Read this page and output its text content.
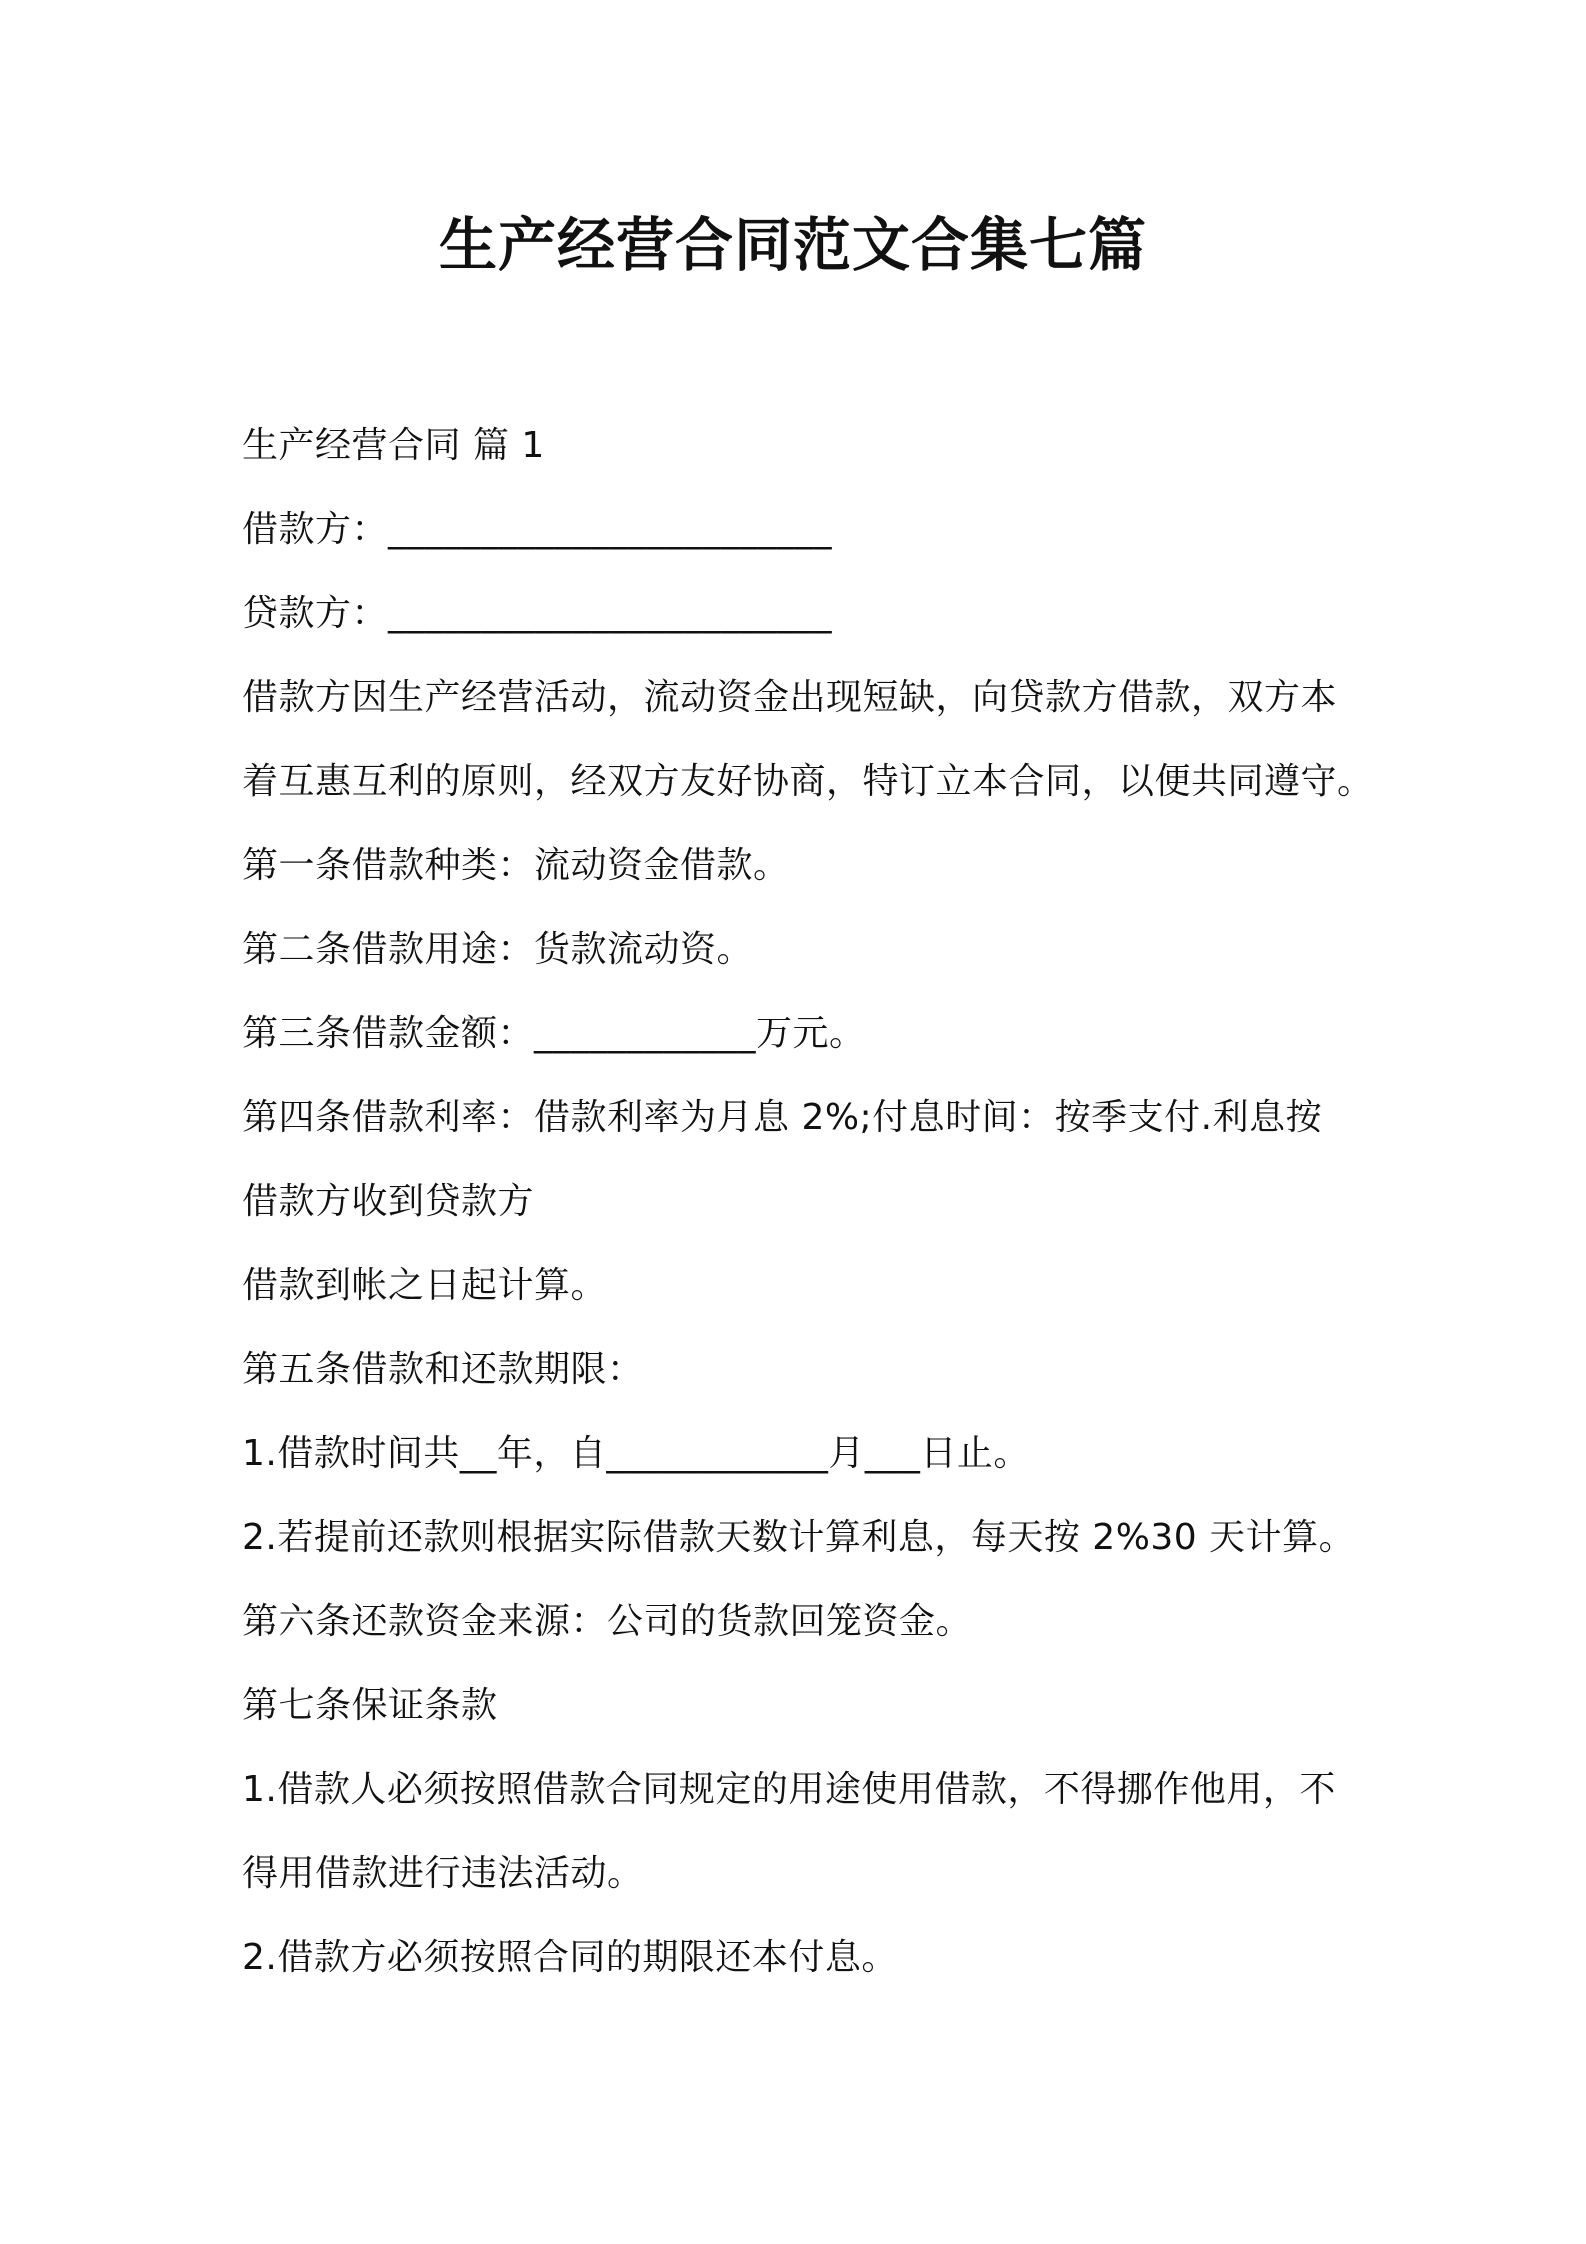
生产经营合同范文合集七篇
生产经营合同 篇 1
借款方：________________________
贷款方：________________________
借款方因生产经营活动，流动资金出现短缺，向贷款方借款，双方本
着互惠互利的原则，经双方友好协商，特订立本合同，以便共同遵守。
第一条借款种类：流动资金借款。
第二条借款用途：货款流动资。
第三条借款金额：____________万元。
第四条借款利率：借款利率为月息 2%;付息时间：按季支付.利息按
借款方收到贷款方
借款到帐之日起计算。
第五条借款和还款期限：
1.借款时间共__年，自____________月___日止。
2.若提前还款则根据实际借款天数计算利息，每天按 2%30 天计算。
第六条还款资金来源：公司的货款回笼资金。
第七条保证条款
1.借款人必须按照借款合同规定的用途使用借款，不得挪作他用，不
得用借款进行违法活动。
2.借款方必须按照合同的期限还本付息。
